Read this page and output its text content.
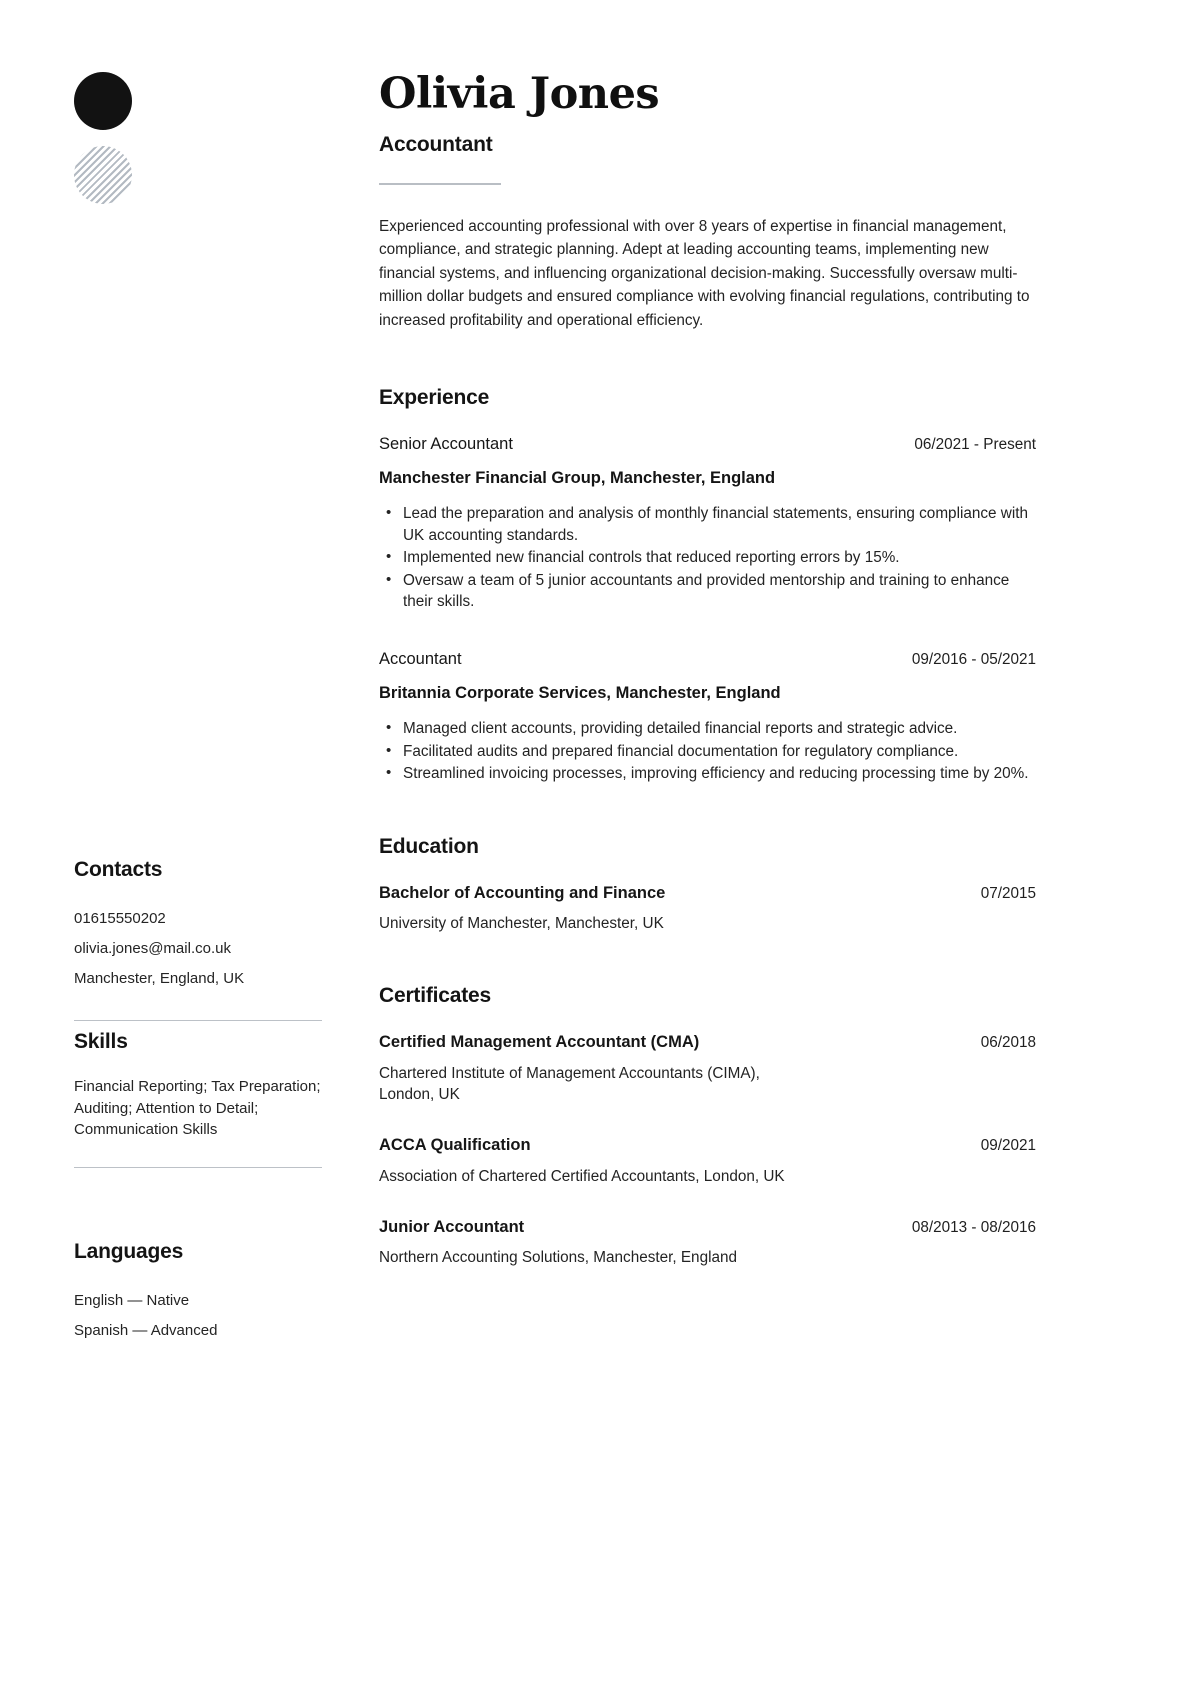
Contacts
01615550202
olivia.jones@mail.co.uk
Manchester, England, UK
Skills

Financial Reporting; Tax Preparation; Auditing; Attention to Detail; Communication Skills

Languages
English — Native
Spanish — Advanced
Olivia Jones
Accountant

Experienced accounting professional with over 8 years of expertise in financial management, compliance, and strategic planning. Adept at leading accounting teams, implementing new financial systems, and influencing organizational decision-making. Successfully oversaw multi-million dollar budgets and ensured compliance with evolving financial regulations, contributing to increased profitability and operational efficiency.

Experience
Senior Accountant	06/2021 - Present
Manchester Financial Group, Manchester, England
• Lead the preparation and analysis of monthly financial statements, ensuring compliance with UK accounting standards.
• Implemented new financial controls that reduced reporting errors by 15%.
• Oversaw a team of 5 junior accountants and provided mentorship and training to enhance their skills.
Accountant	09/2016 - 05/2021
Britannia Corporate Services, Manchester, England
• Managed client accounts, providing detailed financial reports and strategic advice.
• Facilitated audits and prepared financial documentation for regulatory compliance.
• Streamlined invoicing processes, improving efficiency and reducing processing time by 20%.
Education
Bachelor of Accounting and Finance	07/2015
University of Manchester, Manchester, UK
Certificates
Certified Management Accountant (CMA)	06/2018
Chartered Institute of Management Accountants (CIMA), London, UK
ACCA Qualification	09/2021
Association of Chartered Certified Accountants, London, UK
Junior Accountant	08/2013 - 08/2016
Northern Accounting Solutions, Manchester, England
